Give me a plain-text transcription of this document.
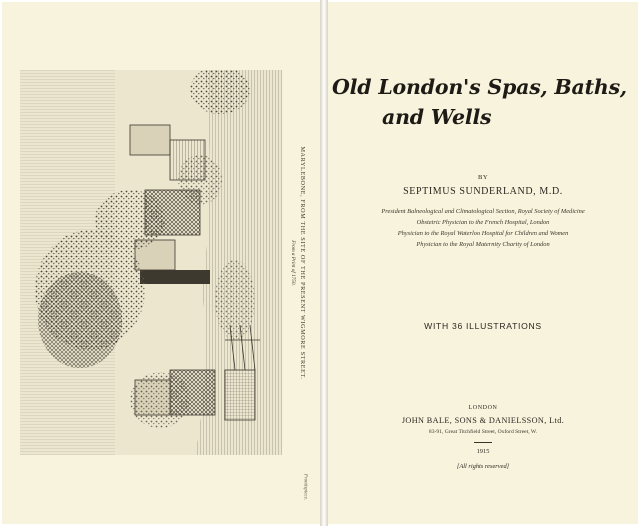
MARYLEBONE, FROM THE SITE OF THE PRESENT WIGMORE STREET.
From a Print of 1750.
Frontispiece.
Old London's Spas, Baths,
and Wells
BY
SEPTIMUS SUNDERLAND, M.D.
President Balneological and Climatological Section, Royal Society of Medicine
Obstetric Physician to the French Hospital, London
Physician to the Royal Waterloo Hospital for Children and Women
Physician to the Royal Maternity Charity of London
WITH 36 ILLUSTRATIONS
LONDON
JOHN BALE, SONS & DANIELSSON, Ltd.
83-91, Great Titchfield Street, Oxford Street, W.
1915
[All rights reserved]
